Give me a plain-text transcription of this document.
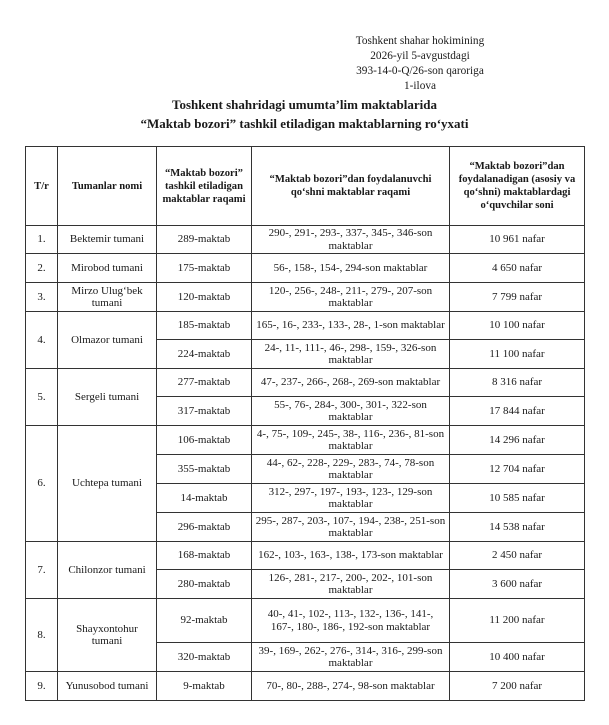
Toshkent shahar hokimining
2026-yil 5-avgustdagi
393-14-0-Q/26-son qaroriga
1-ilova
Toshkent shahridagi umumta’lim maktablarida
“Maktab bozori” tashkil etiladigan maktablarning ro‘yxati
T/r	Tumanlar nomi	“Maktab bozori” tashkil etiladigan maktablar raqami	“Maktab bozori”dan foydalanuvchi qo‘shni maktablar raqami	“Maktab bozori”dan foydalanadigan (asosiy va qo‘shni) maktablardagi o‘quvchilar soni
1.	Bektemir tumani	289-maktab	290-, 291-, 293-, 337-, 345-, 346-son maktablar	10 961 nafar
2.	Mirobod tumani	175-maktab	56-, 158-, 154-, 294-son maktablar	4 650 nafar
3.	Mirzo Ulug‘bek tumani	120-maktab	120-, 256-, 248-, 211-, 279-, 207-son maktablar	7 799 nafar
4.	Olmazor tumani	185-maktab	165-, 16-, 233-, 133-, 28-, 1-son maktablar	10 100 nafar
		224-maktab	24-, 11-, 111-, 46-, 298-, 159-, 326-son maktablar	11 100 nafar
5.	Sergeli tumani	277-maktab	47-, 237-, 266-, 268-, 269-son maktablar	8 316 nafar
		317-maktab	55-, 76-, 284-, 300-, 301-, 322-son maktablar	17 844 nafar
6.	Uchtepa tumani	106-maktab	4-, 75-, 109-, 245-, 38-, 116-, 236-, 81-son maktablar	14 296 nafar
		355-maktab	44-, 62-, 228-, 229-, 283-, 74-, 78-son maktablar	12 704 nafar
		14-maktab	312-, 297-, 197-, 193-, 123-, 129-son maktablar	10 585 nafar
		296-maktab	295-, 287-, 203-, 107-, 194-, 238-, 251-son maktablar	14 538 nafar
7.	Chilonzor tumani	168-maktab	162-, 103-, 163-, 138-, 173-son maktablar	2 450 nafar
		280-maktab	126-, 281-, 217-, 200-, 202-, 101-son maktablar	3 600 nafar
8.	Shayxontohur tumani	92-maktab	40-, 41-, 102-, 113-, 132-, 136-, 141-, 167-, 180-, 186-, 192-son maktablar	11 200 nafar
		320-maktab	39-, 169-, 262-, 276-, 314-, 316-, 299-son maktablar	10 400 nafar
9.	Yunusobod tumani	9-maktab	70-, 80-, 288-, 274-, 98-son maktablar	7 200 nafar
